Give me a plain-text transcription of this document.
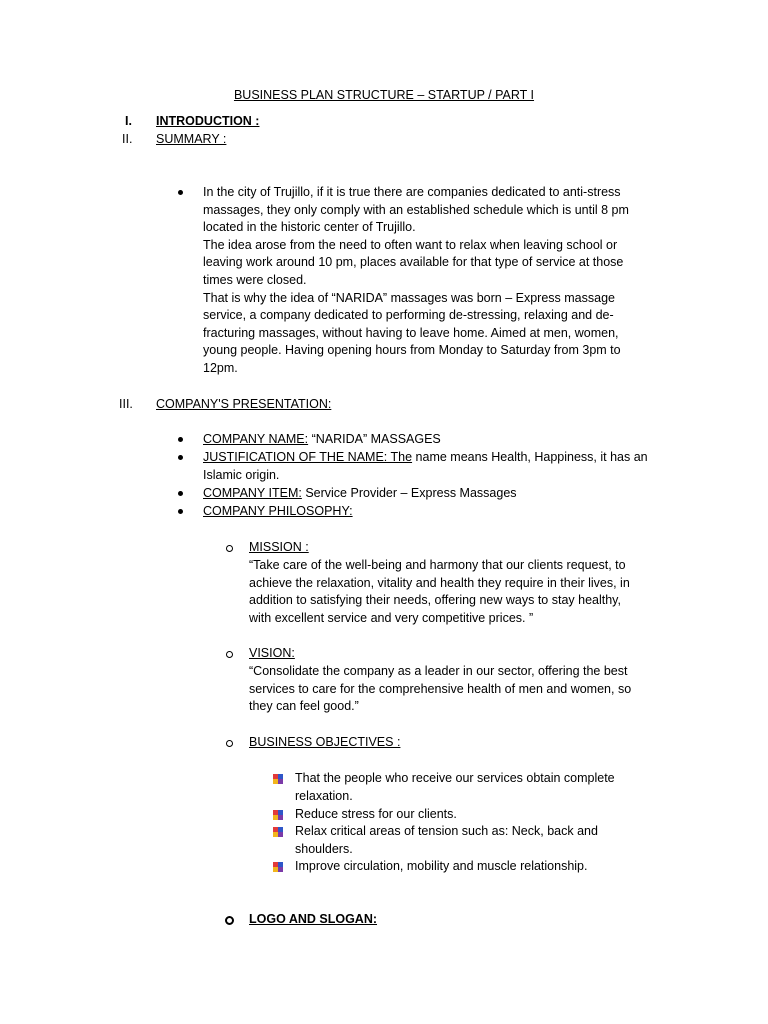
BUSINESS PLAN STRUCTURE – STARTUP / PART I
I.	INTRODUCTION :
II.	SUMMARY :
In the city of Trujillo, if it is true there are companies dedicated to anti-stress
massages, they only comply with an established schedule which is until 8 pm
located in the historic center of Trujillo.
The idea arose from the need to often want to relax when leaving school or
leaving work around 10 pm, places available for that type of service at those
times were closed.
That is why the idea of “NARIDA” massages was born – Express massage
service, a company dedicated to performing de-stressing, relaxing and de-
fracturing massages, without having to leave home. Aimed at men, women,
young people. Having opening hours from Monday to Saturday from 3pm to
12pm.
III.	COMPANY'S PRESENTATION:
COMPANY NAME: “NARIDA” MASSAGES
JUSTIFICATION OF THE NAME: The name means Health, Happiness, it has an
Islamic origin.
COMPANY ITEM: Service Provider – Express Massages
COMPANY PHILOSOPHY:
MISSION :
“Take care of the well-being and harmony that our clients request, to
achieve the relaxation, vitality and health they require in their lives, in
addition to satisfying their needs, offering new ways to stay healthy,
with excellent service and very competitive prices. ”
VISION:
“Consolidate the company as a leader in our sector, offering the best
services to care for the comprehensive health of men and women, so
they can feel good.”
BUSINESS OBJECTIVES :
That the people who receive our services obtain complete
relaxation.
Reduce stress for our clients.
Relax critical areas of tension such as: Neck, back and
shoulders.
Improve circulation, mobility and muscle relationship.
LOGO AND SLOGAN:
